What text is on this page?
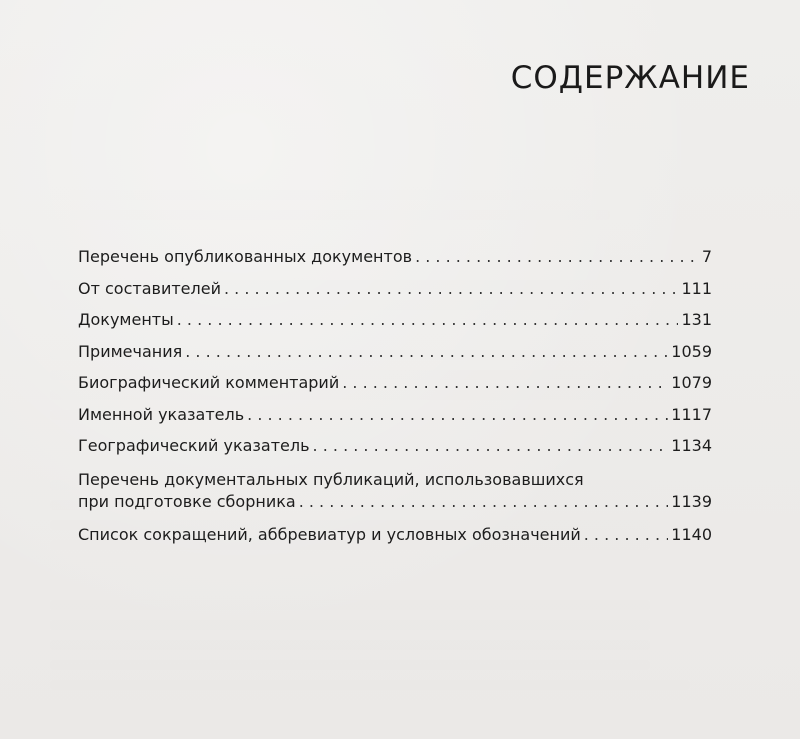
СОДЕРЖАНИЕ
Перечень опубликованных документов . . .	7
От составителей . . .	111
Документы . . .	131
Примечания . . .	1059
Биографический комментарий . . .	1079
Именной указатель . . .	1117
Географический указатель . . .	1134
Перечень документальных публикаций, использовавшихся
при подготовке сборника . . .	1139
Список сокращений, аббревиатур и условных обозначений . . .	1140
